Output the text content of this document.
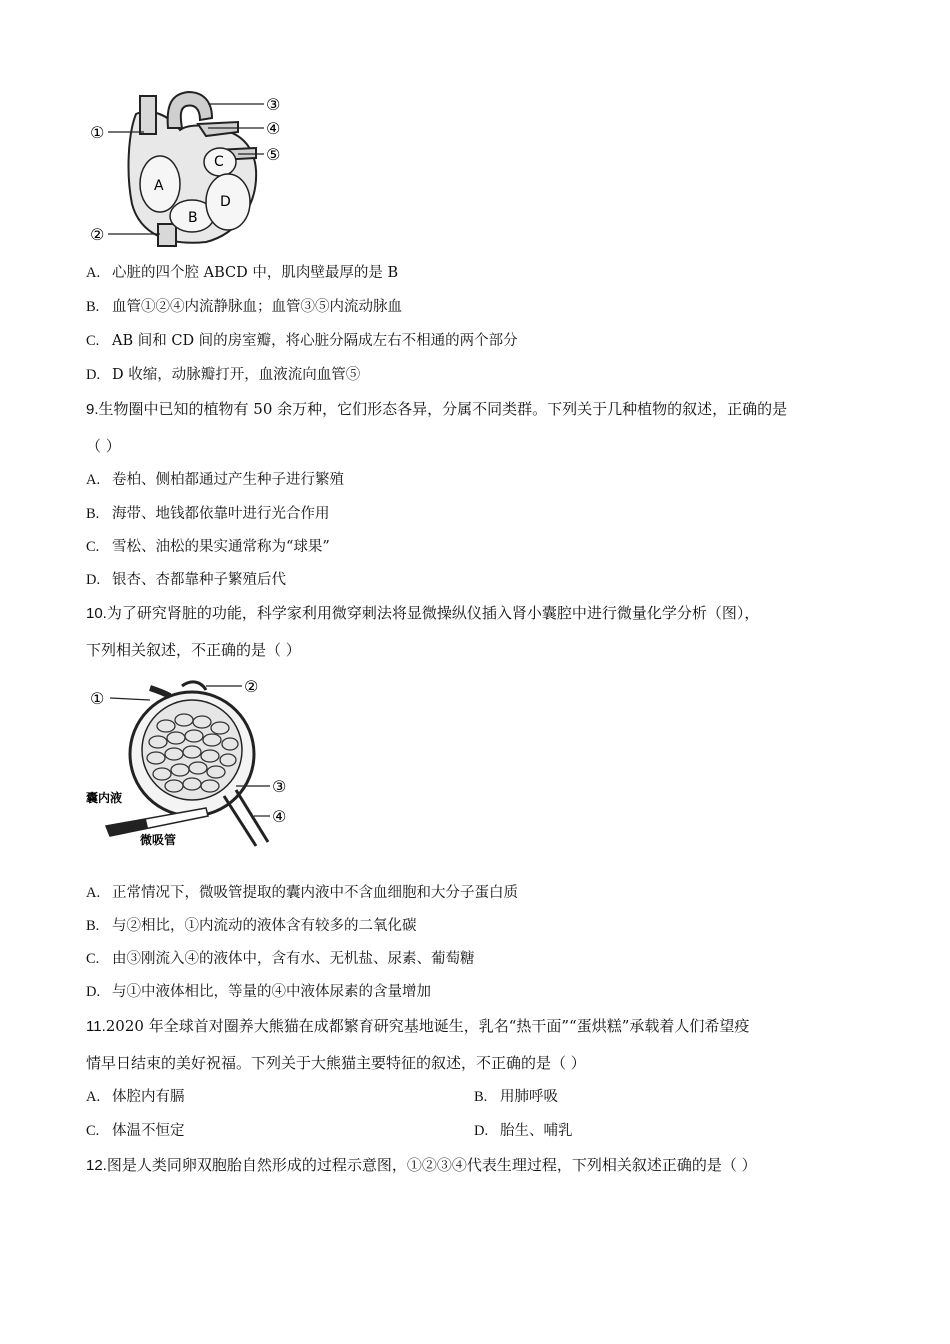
A
B
C
D
①
②
③
④
⑤
A. 心脏的四个腔 ABCD 中，肌肉壁最厚的是 B
B. 血管①②④内流静脉血；血管③⑤内流动脉血
C. AB 间和 CD 间的房室瓣，将心脏分隔成左右不相通的两个部分
D. D 收缩，动脉瓣打开，血液流向血管⑤
9.生物圈中已知的植物有 50 余万种，它们形态各异，分属不同类群。下列关于几种植物的叙述，正确的是
（ ）
A. 卷柏、侧柏都通过产生种子进行繁殖
B. 海带、地钱都依靠叶进行光合作用
C. 雪松、油松的果实通常称为“球果”
D. 银杏、杏都靠种子繁殖后代
10.为了研究肾脏的功能，科学家利用微穿刺法将显微操纵仪插入肾小囊腔中进行微量化学分析（图），
下列相关叙述，不正确的是（ ）
①
②
③
④
囊内液
微吸管
A. 正常情况下，微吸管提取的囊内液中不含血细胞和大分子蛋白质
B. 与②相比，①内流动的液体含有较多的二氧化碳
C. 由③刚流入④的液体中，含有水、无机盐、尿素、葡萄糖
D. 与①中液体相比，等量的④中液体尿素的含量增加
11.2020 年全球首对圈养大熊猫在成都繁育研究基地诞生，乳名“热干面”“蛋烘糕”承载着人们希望疫
情早日结束的美好祝福。下列关于大熊猫主要特征的叙述，不正确的是（ ）
A. 体腔内有膈	B. 用肺呼吸
C. 体温不恒定	D. 胎生、哺乳
12.图是人类同卵双胞胎自然形成的过程示意图，①②③④代表生理过程，下列相关叙述正确的是（ ）
